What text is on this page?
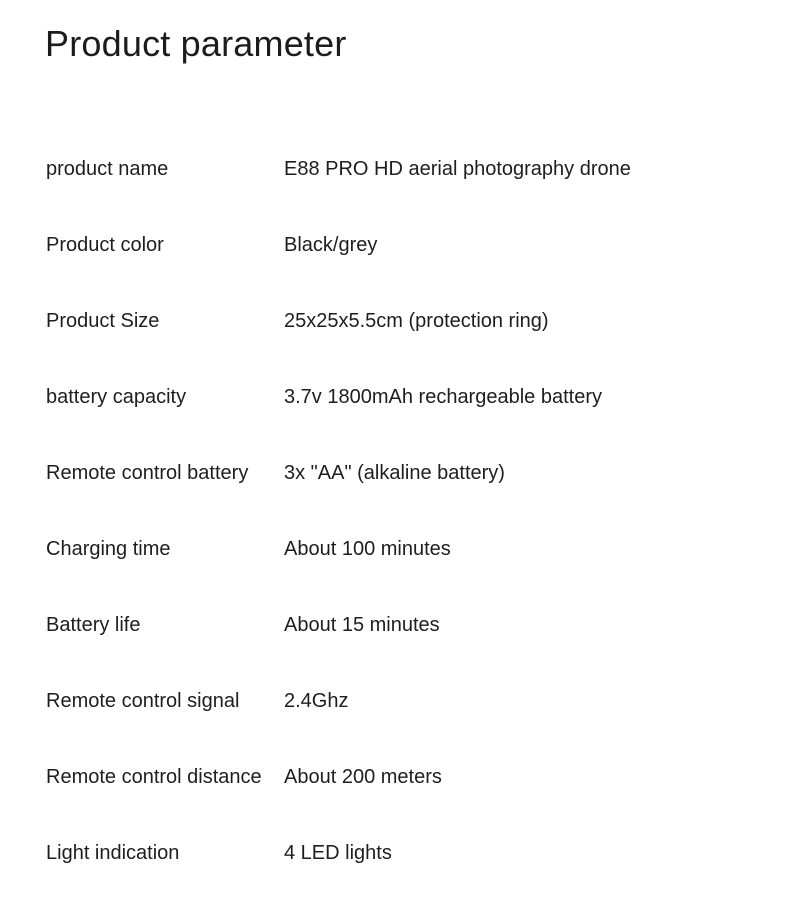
Product parameter
product name	E88 PRO HD aerial photography drone
Product color	Black/grey
Product Size	25x25x5.5cm (protection ring)
battery capacity	3.7v 1800mAh rechargeable battery
Remote control battery	3x "AA" (alkaline battery)
Charging time	About 100 minutes
Battery life	About 15 minutes
Remote control signal	2.4Ghz
Remote control distance	About 200 meters
Light indication	4 LED lights
